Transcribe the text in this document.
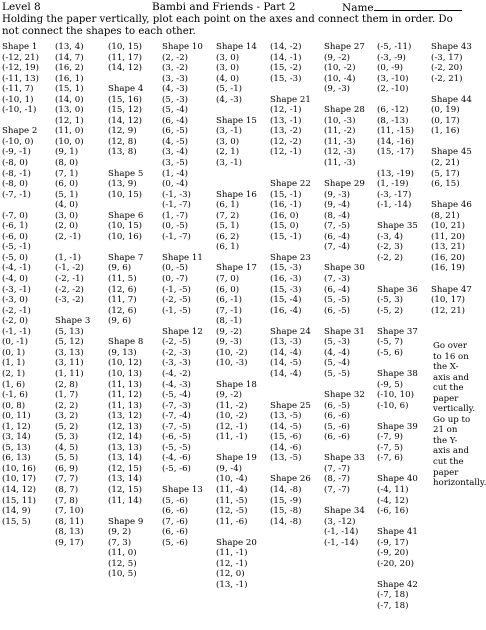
Level 8	Bambi and Friends - Part 2	Name
Holding the paper vertically, plot each point on the axes and connect them in order. Do not connect the shapes to each other.
Shape 1
(-12, 21)
(-12, 19)
(-11, 13)
(-11, 7)
(-10, 1)
(-10, -1)
Shape 2
(-10, 0)
(-9, -1)
(-8, 0)
(-8, -1)
(-8, 0)
(-7, -1)
(-7, 0)
(-6, 1)
(-6, 0)
(-5, -1)
(-5, 0)
(-4, -1)
(-4, 0)
(-3, -1)
(-3, 0)
(-2, -1)
(-2, 0)
(-1, -1)
(0, -1)
(0, 1)
(1, 1)
(2, 1)
(1, 6)
(-1, 6)
(0, 8)
(0, 11)
(1, 12)
(3, 14)
(5, 13)
(6, 13)
(10, 16)
(10, 17)
(14, 12)
(15, 11)
(14, 9)
(15, 5)
(13, 4)
(14, 7)
(16, 2)
(16, 1)
(15, 1)
(14, 0)
(13, 0)
(12, 1)
(11, 0)
(10, 0)
(9, 1)
(8, 0)
(7, 1)
(6, 0)
(5, 1)
(4, 0)
(3, 0)
(2, 0)
(2, -1)
(1, -1)
(-1, -2)
(-2, -1)
(-2, -2)
(-3, -2)
Shape 3
(5, 13)
(5, 12)
(3, 13)
(3, 11)
(1, 11)
(2, 8)
(1, 7)
(2, 2)
(3, 2)
(5, 2)
(5, 3)
(4, 5)
(5, 5)
(6, 9)
(7, 7)
(8, 7)
(7, 8)
(7, 10)
(8, 11)
(8, 13)
(9, 17)
(10, 15)
(11, 17)
(14, 12)
Shape 4
(15, 16)
(15, 12)
(14, 12)
(12, 9)
(12, 8)
(13, 8)
Shape 5
(13, 9)
(10, 15)
Shape 6
(10, 15)
(10, 16)
Shape 7
(9, 6)
(11, 5)
(12, 6)
(11, 7)
(12, 6)
(9, 6)
Shape 8
(9, 13)
(10, 12)
(10, 13)
(11, 13)
(11, 12)
(11, 13)
(13, 12)
(12, 13)
(12, 14)
(13, 13)
(13, 14)
(12, 15)
(13, 14)
(12, 15)
(11, 14)
Shape 9
(9, 2)
(7, 3)
(11, 0)
(12, 5)
(10, 5)
Shape 10
(2, -2)
(3, -2)
(3, -3)
(4, -3)
(5, -3)
(5, -4)
(6, -4)
(6, -5)
(4, -5)
(3, -4)
(3, -5)
(1, -4)
(0, -4)
(-1, -3)
(-1, -7)
(1, -7)
(0, -5)
(-1, -7)
Shape 11
(0, -5)
(0, -7)
(-1, -5)
(-2, -5)
(-1, -5)
Shape 12
(-2, -5)
(-2, -3)
(-3, -3)
(-4, -2)
(-4, -3)
(-5, -4)
(-7, -3)
(-7, -4)
(-7, -5)
(-6, -5)
(-5, -5)
(-4, -6)
(-5, -6)
Shape 13
(5, -6)
(6, -6)
(7, -6)
(6, -6)
(5, -6)
Shape 14
(3, 0)
(3, 0)
(4, 0)
(5, -1)
(4, -3)
Shape 15
(3, -1)
(3, 0)
(2, 1)
(3, -1)
Shape 16
(6, 1)
(7, 2)
(5, 1)
(6, 2)
(6, 1)
Shape 17
(7, 0)
(6, 0)
(6, -1)
(7, -1)
(8, -1)
(9, -2)
(9, -3)
(10, -2)
(10, -3)
Shape 18
(9, -2)
(11, -2)
(10, -2)
(12, -1)
(11, -1)
Shape 19
(9, -4)
(10, -4)
(11, -4)
(11, -5)
(12, -5)
(11, -6)
Shape 20
(11, -1)
(12, -1)
(12, 0)
(13, -1)
(14, -2)
(14, -1)
(15, -2)
(15, -3)
Shape 21
(12, -1)
(13, -1)
(13, -2)
(12, -2)
(12, -1)
Shape 22
(15, -1)
(16, -1)
(16, 0)
(15, 0)
(15, -1)
Shape 23
(15, -3)
(16, -3)
(15, -3)
(15, -4)
(16, -4)
Shape 24
(13, -3)
(14, -4)
(14, -5)
(14, -4)
Shape 25
(13, -5)
(14, -5)
(15, -6)
(14, -6)
(13, -5)
Shape 26
(14, -8)
(15, -9)
(15, -8)
(14, -8)
Shape 27
(9, -2)
(10, -2)
(10, -4)
(9, -3)
Shape 28
(10, -3)
(11, -2)
(11, -3)
(12, -3)
(11, -3)
Shape 29
(9, -3)
(9, -4)
(8, -4)
(7, -5)
(6, -4)
(7, -4)
Shape 30
(7, -3)
(6, -4)
(5, -5)
(6, -5)
Shape 31
(5, -3)
(4, -4)
(5, -4)
(5, -5)
Shape 32
(6, -5)
(6, -6)
(5, -6)
(6, -6)
Shape 33
(7, -7)
(8, -7)
(7, -7)
Shape 34
(3, -12)
(-1, -14)
(-1, -14)
(-5, -11)
(-3, -9)
(0, -9)
(3, -10)
(2, -10)
(6, -12)
(8, -13)
(11, -15)
(14, -16)
(15, -17)
(13, -19)
(1, -19)
(-3, -17)
(-1, -14)
Shape 35
(-3, 4)
(-2, 3)
(-2, 2)
Shape 36
(-5, 3)
(-5, 2)
Shape 37
(-5, 7)
(-5, 6)
Shape 38
(-9, 5)
(-10, 10)
(-10, 6)
Shape 39
(-7, 9)
(-7, 5)
(-7, 6)
Shape 40
(-4, 11)
(-4, 12)
(-6, 16)
Shape 41
(-9, 17)
(-9, 20)
(-20, 20)
Shape 42
(-7, 18)
(-7, 18)
Shape 43
(-3, 17)
(-2, 20)
(-2, 21)
Shape 44
(0, 19)
(0, 17)
(1, 16)
Shape 45
(2, 21)
(5, 17)
(6, 15)
Shape 46
(8, 21)
(10, 21)
(11, 20)
(13, 21)
(16, 20)
(16, 19)
Shape 47
(10, 17)
(12, 21)
Go over to 16 on the X-axis and cut the paper vertically. Go up to 21 on the Y-axis and cut the paper horizontally.
